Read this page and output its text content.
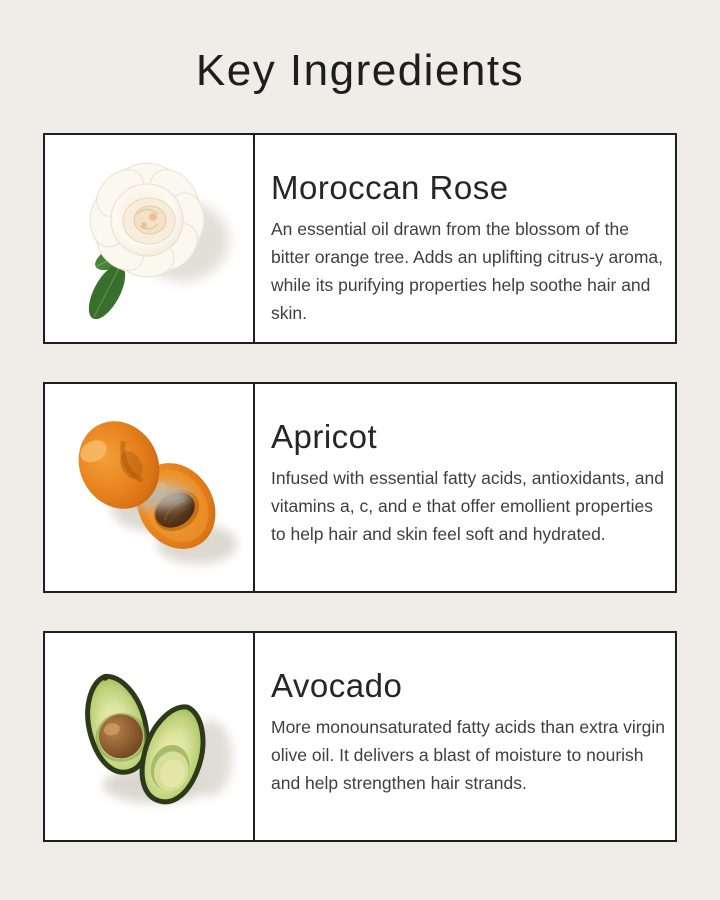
Key Ingredients
Moroccan Rose

An essential oil drawn from the blossom of the bitter orange tree. Adds an uplifting citrus-y aroma, while its purifying properties help soothe hair and skin.

Apricot

Infused with essential fatty acids, antioxidants, and vitamins a, c, and e that offer emollient properties to help hair and skin feel soft and hydrated.

Avocado

More monounsaturated fatty acids than extra virgin olive oil. It delivers a blast of moisture to nourish and help strengthen hair strands.
